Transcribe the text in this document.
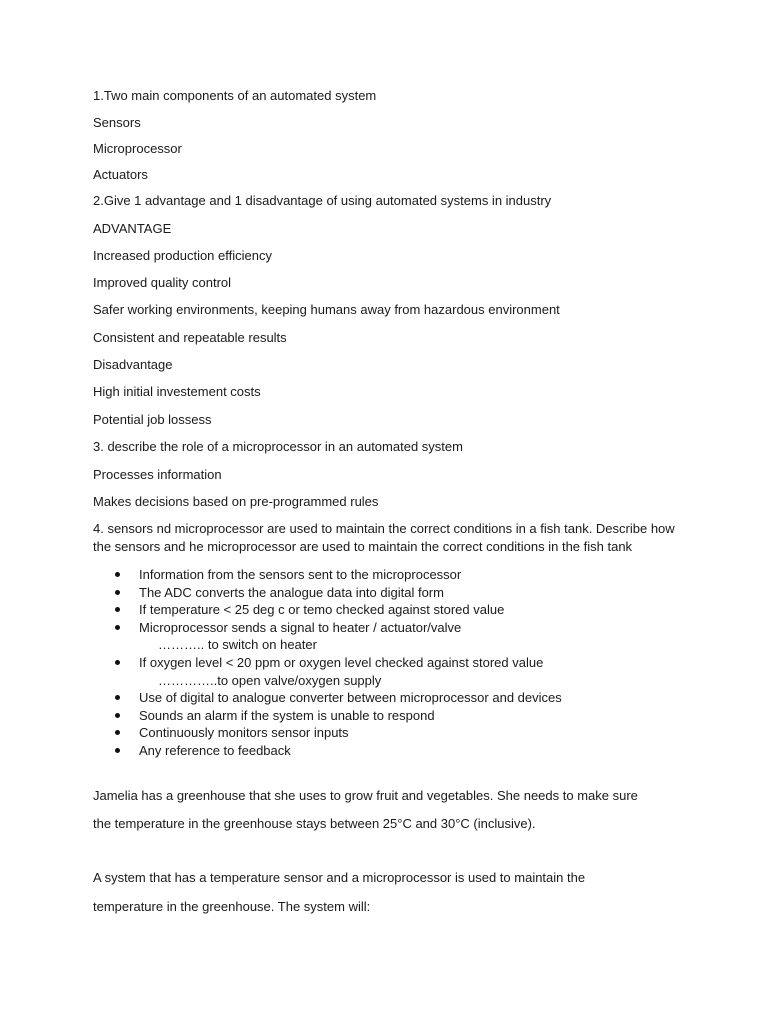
1.Two main components of an automated system
Sensors
Microprocessor
Actuators
2.Give 1 advantage and 1 disadvantage of using automated systems in industry
ADVANTAGE
Increased production efficiency
Improved quality control
Safer working environments, keeping humans away from hazardous environment
Consistent and repeatable results
Disadvantage
High initial investement costs
Potential job lossess
3. describe the role of a microprocessor in an automated system
Processes information
Makes decisions based on pre-programmed rules
4. sensors nd microprocessor are used to maintain the correct conditions in a fish tank. Describe how the sensors and he microprocessor are used to maintain the correct conditions in the fish tank
Information from the sensors sent to the microprocessor
The ADC converts the analogue data into digital form
If temperature < 25 deg c or temo checked against stored value
Microprocessor sends a signal to heater / actuator/valve
……….. to switch on heater
If oxygen level < 20 ppm or oxygen level checked against stored value
…………..to open valve/oxygen supply
Use of digital to analogue converter between microprocessor and devices
Sounds an alarm if the system is unable to respond
Continuously monitors sensor inputs
Any reference to feedback
Jamelia has a greenhouse that she uses to grow fruit and vegetables. She needs to make sure
the temperature in the greenhouse stays between 25°C and 30°C (inclusive).
A system that has a temperature sensor and a microprocessor is used to maintain the
temperature in the greenhouse. The system will:
